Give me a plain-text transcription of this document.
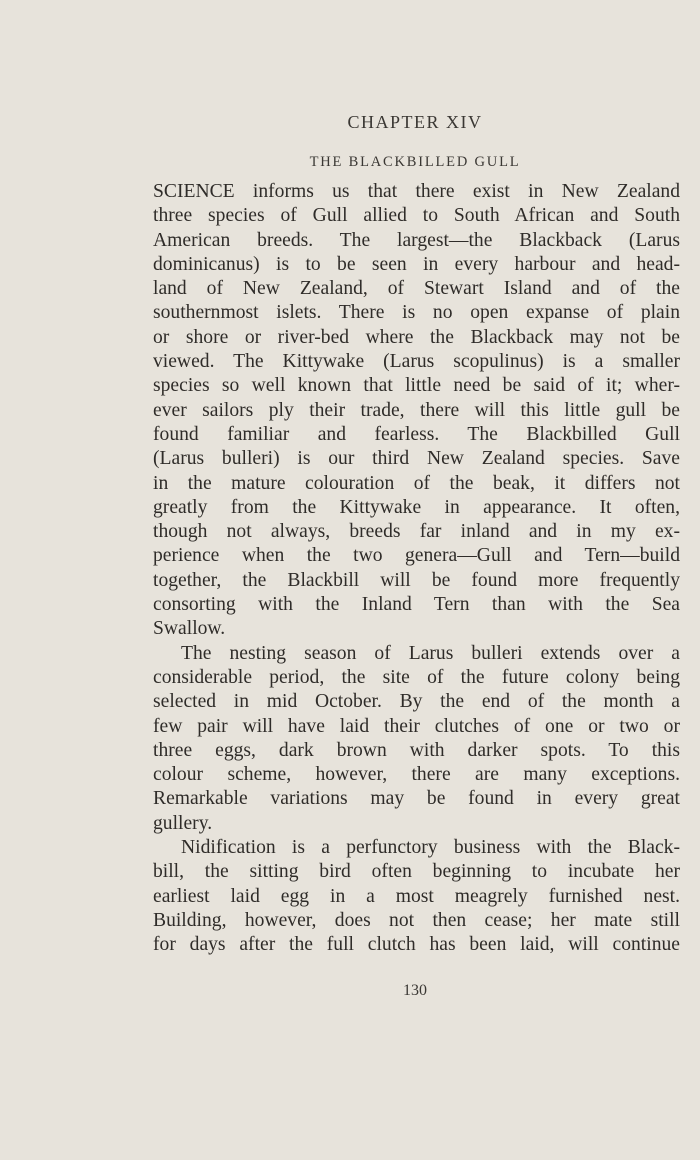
CHAPTER XIV
THE BLACKBILLED GULL
SCIENCE informs us that there exist in New Zealand
three species of Gull allied to South African and South
American breeds. The largest—the Blackback (Larus
dominicanus) is to be seen in every harbour and head-
land of New Zealand, of Stewart Island and of the
southernmost islets. There is no open expanse of plain
or shore or river-bed where the Blackback may not be
viewed. The Kittywake (Larus scopulinus) is a smaller
species so well known that little need be said of it; wher-
ever sailors ply their trade, there will this little gull be
found familiar and fearless. The Blackbilled Gull
(Larus bulleri) is our third New Zealand species. Save
in the mature colouration of the beak, it differs not
greatly from the Kittywake in appearance. It often,
though not always, breeds far inland and in my ex-
perience when the two genera—Gull and Tern—build
together, the Blackbill will be found more frequently
consorting with the Inland Tern than with the Sea
Swallow.
The nesting season of Larus bulleri extends over a
considerable period, the site of the future colony being
selected in mid October. By the end of the month a
few pair will have laid their clutches of one or two or
three eggs, dark brown with darker spots. To this
colour scheme, however, there are many exceptions.
Remarkable variations may be found in every great
gullery.
Nidification is a perfunctory business with the Black-
bill, the sitting bird often beginning to incubate her
earliest laid egg in a most meagrely furnished nest.
Building, however, does not then cease; her mate still
for days after the full clutch has been laid, will continue
130
